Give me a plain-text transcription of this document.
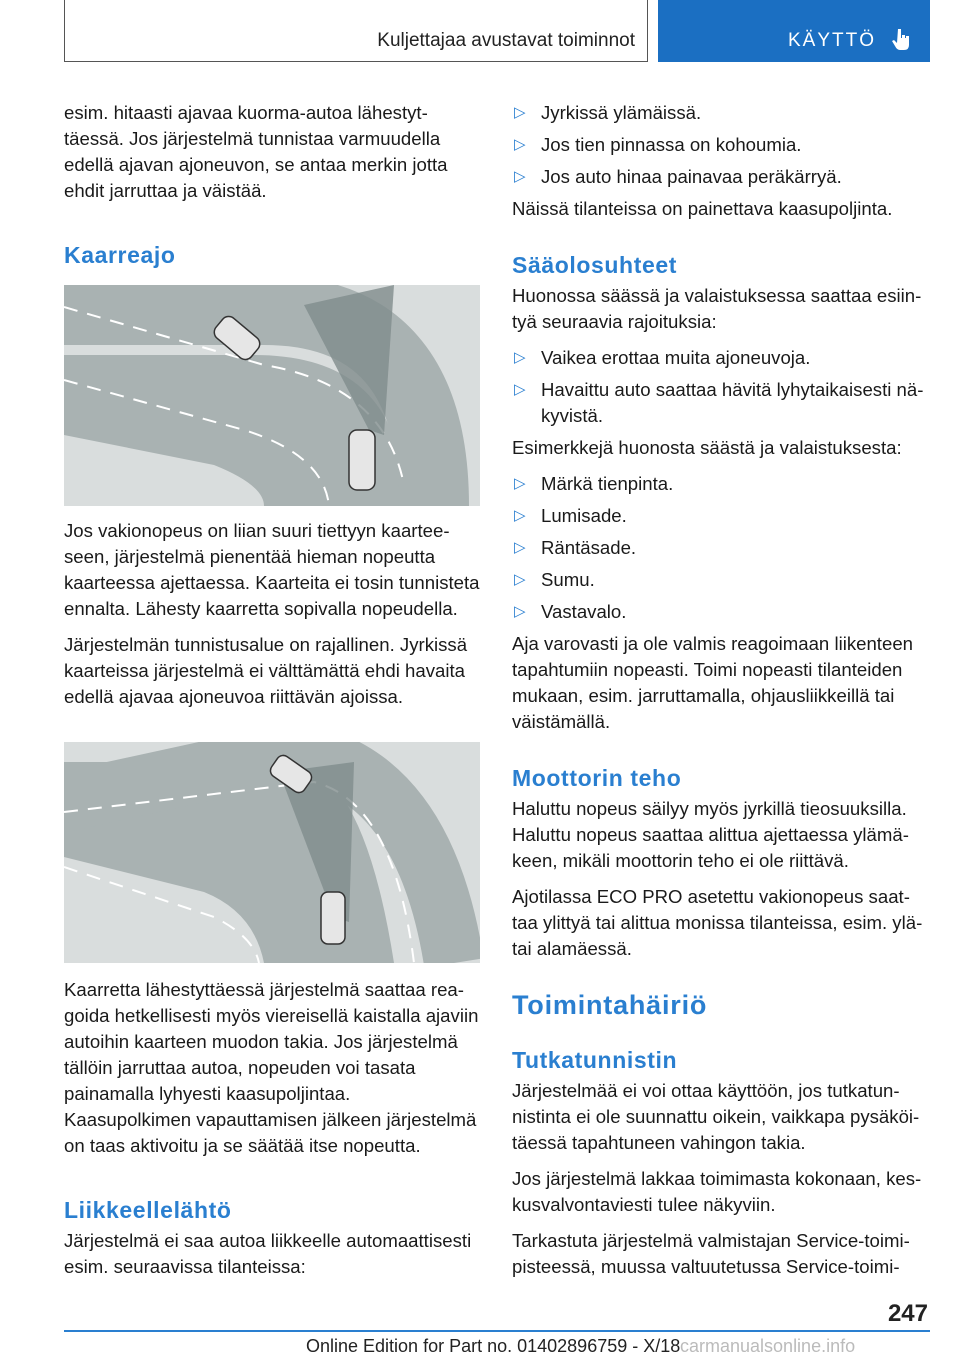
Kuljettajaa avustavat toiminnot	KÄYTTÖ

esim. hitaasti ajavaa kuorma-autoa lähestyttäessä. Jos järjestelmä tunnistaa varmuudella edellä ajavan ajoneuvon, se antaa merkin jotta ehdit jarruttaa ja väistää.

Kaarreajo

Jos vakionopeus on liian suuri tiettyyn kaarteeseen, järjestelmä pienentää hieman nopeutta kaarteessa ajettaessa. Kaarteita ei tosin tunnisteta ennalta. Lähesty kaarretta sopivalla nopeudella.

Järjestelmän tunnistusalue on rajallinen. Jyrkissä kaarteissa järjestelmä ei välttämättä ehdi havaita edellä ajavaa ajoneuvoa riittävän ajoissa.

Kaarretta lähestyttäessä järjestelmä saattaa reagoida hetkellisesti myös viereisellä kaistalla ajaviin autoihin kaarteen muodon takia. Jos järjestelmä tällöin jarruttaa autoa, nopeuden voi tasata painamalla lyhyesti kaasupoljintaa. Kaasupolkimen vapauttamisen jälkeen järjestelmä on taas aktivoitu ja se säätää itse nopeutta.

Liikkeellelähtö

Järjestelmä ei saa autoa liikkeelle automaattisesti esim. seuraavissa tilanteissa:

▷ Jyrkissä ylämäissä.
▷ Jos tien pinnassa on kohoumia.
▷ Jos auto hinaa painavaa peräkärryä.

Näissä tilanteissa on painettava kaasupoljinta.

Sääolosuhteet

Huonossa säässä ja valaistuksessa saattaa esiintyä seuraavia rajoituksia:

▷ Vaikea erottaa muita ajoneuvoja.
▷ Havaittu auto saattaa hävitä lyhytaikaisesti näkyvistä.

Esimerkkejä huonosta säästä ja valaistuksesta:

▷ Märkä tienpinta.
▷ Lumisade.
▷ Räntäsade.
▷ Sumu.
▷ Vastavalo.

Aja varovasti ja ole valmis reagoimaan liikenteen tapahtumiin nopeasti. Toimi nopeasti tilanteiden mukaan, esim. jarruttamalla, ohjausliikkeillä tai väistämällä.

Moottorin teho

Haluttu nopeus säilyy myös jyrkillä tieosuuksilla. Haluttu nopeus saattaa alittua ajettaessa ylämäkeen, mikäli moottorin teho ei ole riittävä.

Ajotilassa ECO PRO asetettu vakionopeus saattaa ylittyä tai alittua monissa tilanteissa, esim. ylä- tai alamäessä.

Toimintahäiriö
Tutkatunnistin

Järjestelmää ei voi ottaa käyttöön, jos tutkatunnistinta ei ole suunnattu oikein, vaikkapa pysäköitäessä tapahtuneen vahingon takia.

Jos järjestelmä lakkaa toimimasta kokonaan, keskusvalvontaviesti tulee näkyviin.

Tarkastuta järjestelmä valmistajan Service-toimipisteessä, muussa valtuutetussa Service-toimi-

247
Online Edition for Part no. 01402896759 - X/18 carmanualsonline.info
